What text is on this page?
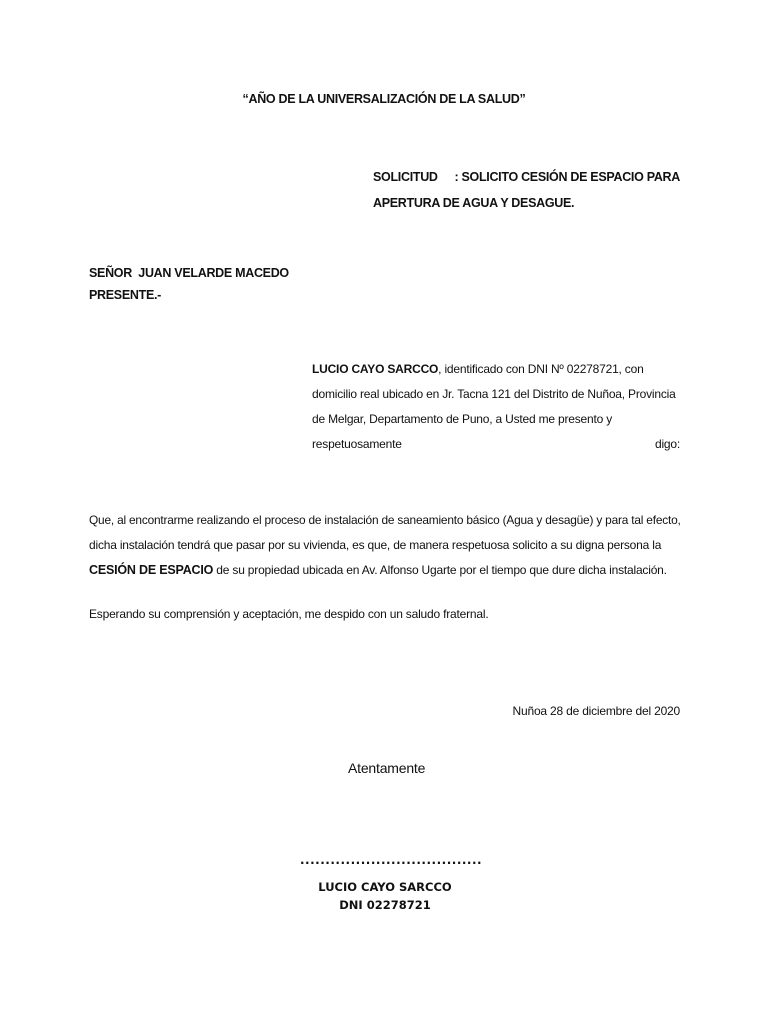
“AÑO DE LA UNIVERSALIZACIÓN DE LA SALUD”
SOLICITUD : SOLICITO CESIÓN DE ESPACIO PARA
APERTURA DE AGUA Y DESAGUE.
SEÑOR  JUAN VELARDE MACEDO
PRESENTE.-
LUCIO CAYO SARCCO, identificado con DNI Nº 02278721, con
domicilio real ubicado en Jr. Tacna 121 del Distrito de Nuñoa, Provincia
de Melgar, Departamento de Puno, a Usted me presento y
respetuosamente	digo:
Que, al encontrarme realizando el proceso de instalación de saneamiento básico (Agua y desagüe) y para tal efecto,
dicha instalación tendrá que pasar por su vivienda, es que, de manera respetuosa solicito a su digna persona la
CESIÓN DE ESPACIO de su propiedad ubicada en Av. Alfonso Ugarte por el tiempo que dure dicha instalación.
Esperando su comprensión y aceptación, me despido con un saludo fraternal.
Nuñoa 28 de diciembre del 2020
Atentamente
....................................
LUCIO CAYO SARCCO
DNI 02278721
